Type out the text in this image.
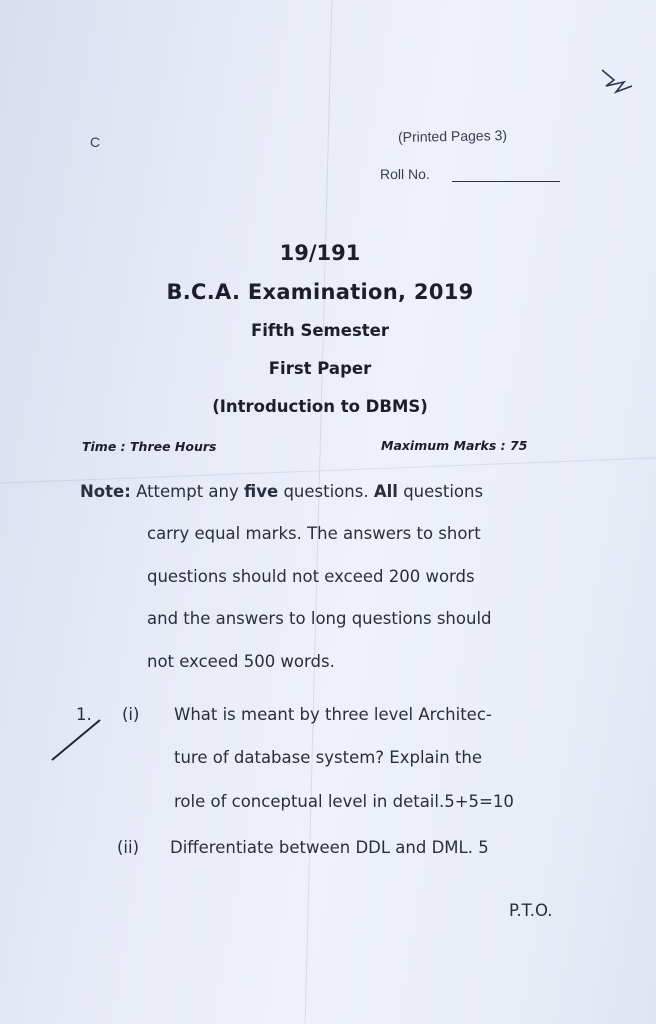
C	(Printed Pages 3)
Roll No.
19/191
B.C.A. Examination, 2019
Fifth Semester
First Paper
(Introduction to DBMS)
Time : Three Hours	Maximum Marks : 75
Note: Attempt any five questions. All questions
carry equal marks. The answers to short
questions should not exceed 200 words
and the answers to long questions should
not exceed 500 words.
1. (i) What is meant by three level Architec-
ture of database system? Explain the
role of conceptual level in detail.5+5=10
(ii) Differentiate between DDL and DML. 5
P.T.O.
